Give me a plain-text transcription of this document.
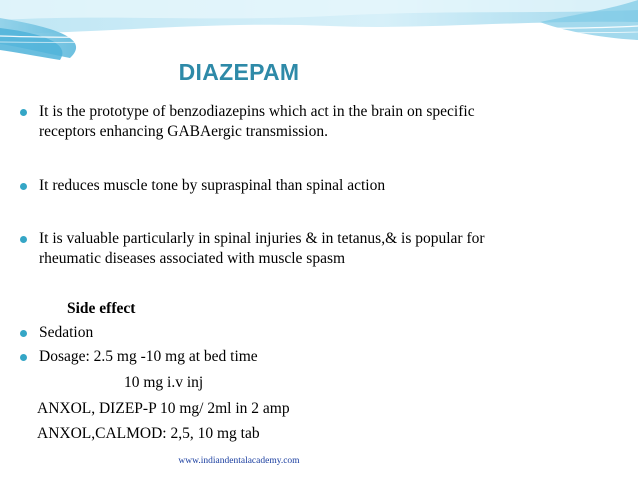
DIAZEPAM
It is the prototype of benzodiazepins which act in the brain on specific
receptors enhancing GABAergic transmission.
It reduces muscle tone by supraspinal than spinal action
It is valuable particularly in spinal injuries & in tetanus,& is popular for
rheumatic diseases associated with muscle spasm
Side effect
Sedation
Dosage: 2.5 mg -10 mg at bed time
10 mg i.v inj
ANXOL, DIZEP-P 10 mg/ 2ml in 2 amp
ANXOL,CALMOD: 2,5, 10 mg tab
www.indiandentalacademy.com
